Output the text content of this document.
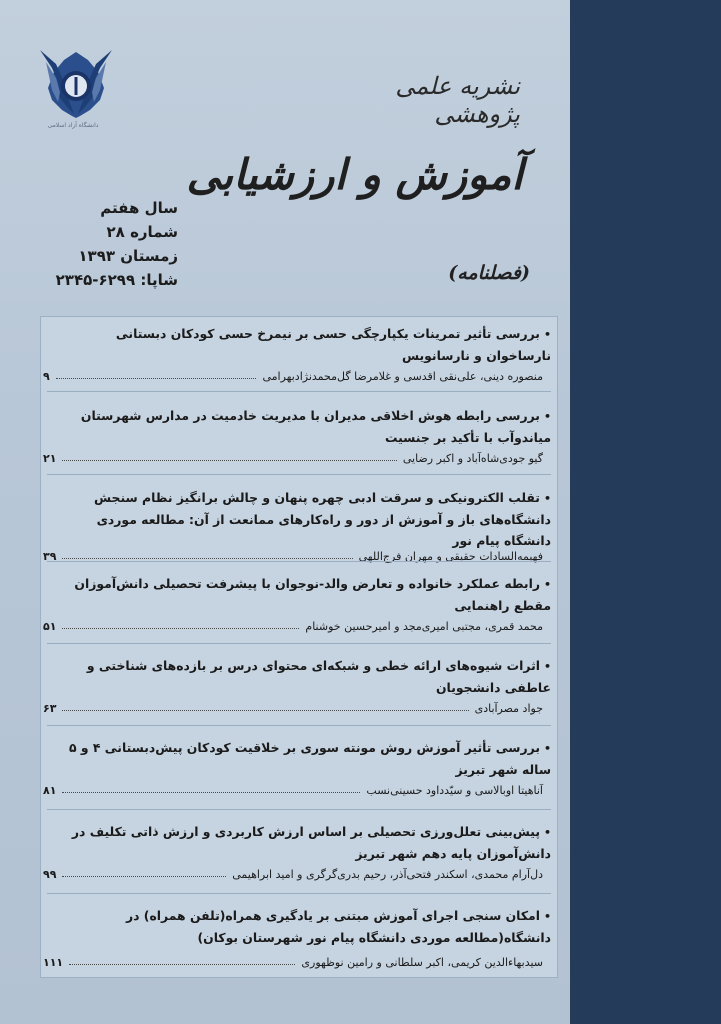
دانشگاه آزاد اسلامی
نشریه علمی پژوهشی
آموزش و ارزشیابی
(فصلنامه)
سال هفتم
شماره ۲۸
زمستان ۱۳۹۳
شاپا: ۶۲۹۹-۲۳۴۵
•بررسی تأثیر تمرینات یکپارچگی حسی بر نیمرخ حسی کودکان دبستانی نارساخوان و نارسانویس
منصوره دینی، علی‌نقی اقدسی و غلامرضا گل‌محمدنژادبهرامی
۹
•بررسی رابطه هوش اخلاقی مدیران با مدیریت خادمیت در مدارس شهرستان میاندوآب با تأکید بر جنسیت
گیو جودی‌شاه‌آباد و اکبر رضایی
۲۱
•تقلب الکترونیکی و سرقت ادبی چهره پنهان و چالش برانگیز نظام سنجش دانشگاه‌های باز و آموزش از دور و راه‌کارهای ممانعت از آن: مطالعه موردی دانشگاه پیام نور
فهیمه‌السادات حقیقی و مهران فرج‌اللهی
۳۹
•رابطه عملکرد خانواده و تعارض والد-نوجوان با پیشرفت تحصیلی دانش‌آموزان مقطع راهنمایی
محمد قمری، مجتبی امیری‌مجد و امیرحسین خوشنام
۵۱
•اثرات شیوه‌های ارائه خطی و شبکه‌ای محتوای درس بر بازده‌های شناختی و عاطفی دانشجویان
جواد مصرآبادی
۶۳
•بررسی تأثیر آموزش روش مونته سوری بر خلاقیت کودکان پیش‌دبستانی ۴ و ۵ ساله شهر تبریز
آناهیتا اوبالاسی و سیّدداود حسینی‌نسب
۸۱
•پیش‌بینی تعلل‌ورزی تحصیلی بر اساس ارزش کاربردی و ارزش ذاتی تکلیف در دانش‌آموزان پایه دهم شهر تبریز
دل‌آرام محمدی، اسکندر فتحی‌آذر، رحیم بدری‌گرگری و امید ابراهیمی
۹۹
•امکان سنجی اجرای آموزش مبتنی بر یادگیری همراه(تلفن همراه) در دانشگاه(مطالعه موردی دانشگاه پیام نور شهرستان بوکان)
سیدبهاءالدین کریمی، اکبر سلطانی و رامین نوظهوری
۱۱۱
